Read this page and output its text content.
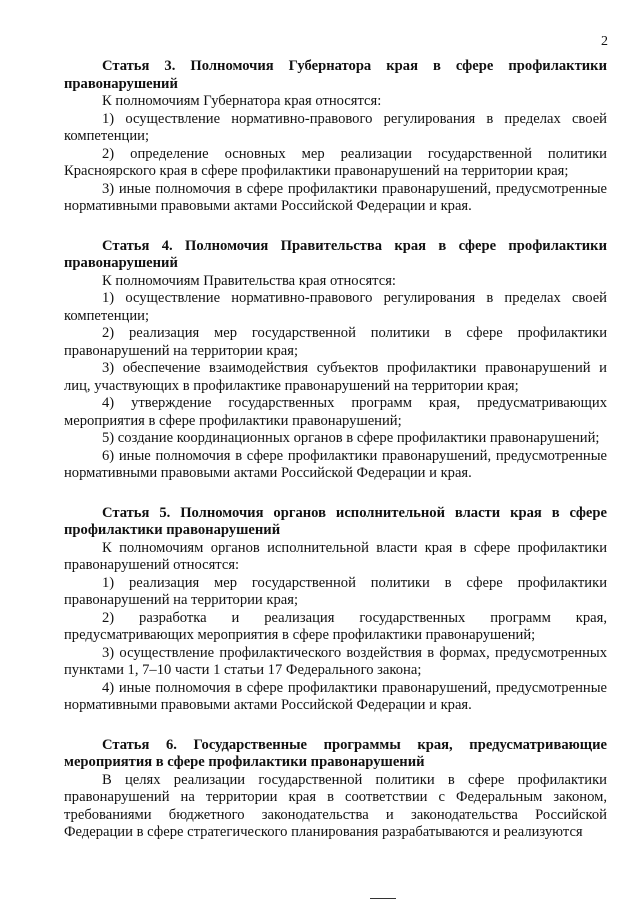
2

Статья 3. Полномочия Губернатора края в сфере профилактики правонарушений

К полномочиям Губернатора края относятся:

1) осуществление нормативно-правового регулирования в пределах своей компетенции;

2) определение основных мер реализации государственной политики Красноярского края в сфере профилактики правонарушений на территории края;

3) иные полномочия в сфере профилактики правонарушений, предусмотренные нормативными правовыми актами Российской Федерации и края.

Статья 4. Полномочия Правительства края в сфере профилактики правонарушений

К полномочиям Правительства края относятся:

1) осуществление нормативно-правового регулирования в пределах своей компетенции;

2) реализация мер государственной политики в сфере профилактики правонарушений на территории края;

3) обеспечение взаимодействия субъектов профилактики правонарушений и лиц, участвующих в профилактике правонарушений на территории края;

4) утверждение государственных программ края, предусматривающих мероприятия в сфере профилактики правонарушений;

5) создание координационных органов в сфере профилактики правонарушений;

6) иные полномочия в сфере профилактики правонарушений, предусмотренные нормативными правовыми актами Российской Федерации и края.

Статья 5. Полномочия органов исполнительной власти края в сфере профилактики правонарушений

К полномочиям органов исполнительной власти края в сфере профилактики правонарушений относятся:

1) реализация мер государственной политики в сфере профилактики правонарушений на территории края;

2) разработка и реализация государственных программ края, предусматривающих мероприятия в сфере профилактики правонарушений;

3) осуществление профилактического воздействия в формах, предусмотренных пунктами 1, 7–10 части 1 статьи 17 Федерального закона;

4) иные полномочия в сфере профилактики правонарушений, предусмотренные нормативными правовыми актами Российской Федерации и края.

Статья 6. Государственные программы края, предусматривающие мероприятия в сфере профилактики правонарушений

В целях реализации государственной политики в сфере профилактики правонарушений на территории края в соответствии с Федеральным законом, требованиями бюджетного законодательства и законодательства Российской Федерации в сфере стратегического планирования разрабатываются и реализуются
